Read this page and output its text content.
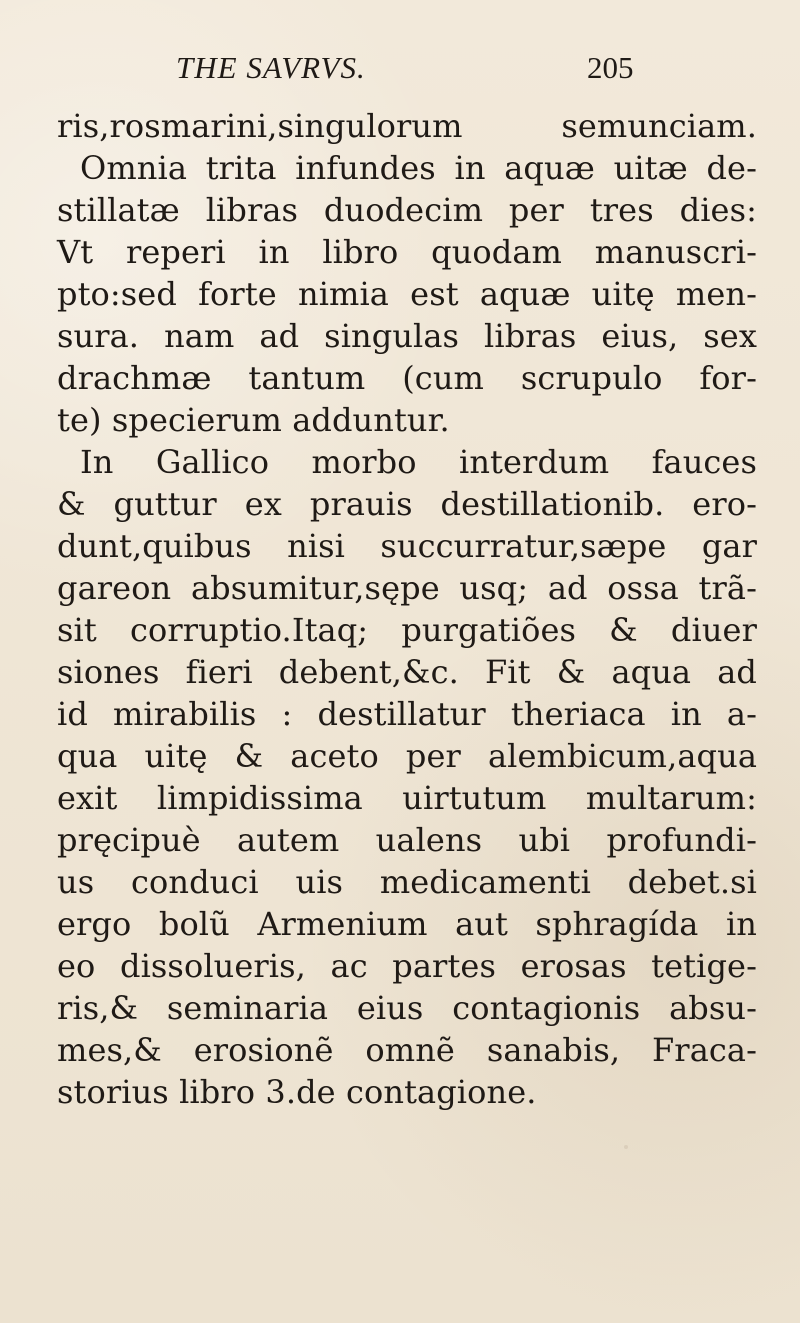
THE SAVRVS.	205
ris,rosmarini,singulorum semunciam.
Omnia trita infundes in aquæ uitæ de-
stillatæ libras duodecim per tres dies:
Vt reperi in libro quodam manuscri-
pto:sed forte nimia est aquæ uitę men-
sura. nam ad singulas libras eius, sex
drachmæ tantum (cum scrupulo for-
te) specierum adduntur.
In Gallico morbo interdum fauces
& guttur ex prauis destillationib. ero-
dunt,quibus nisi succurratur,sæpe gar
gareon absumitur,sępe usq; ad ossa trã-
sit corruptio.Itaq; purgatiões & diuer
siones fieri debent,&c. Fit & aqua ad
id mirabilis : destillatur theriaca in a-
qua uitę & aceto per alembicum,aqua
exit limpidissima uirtutum multarum:
pręcipuè autem ualens ubi profundi-
us conduci uis medicamenti debet.si
ergo bolũ Armenium aut sphragída in
eo dissolueris, ac partes erosas tetige-
ris,& seminaria eius contagionis absu-
mes,& erosionẽ omnẽ sanabis, Fraca-
storius libro 3.de contagione.
